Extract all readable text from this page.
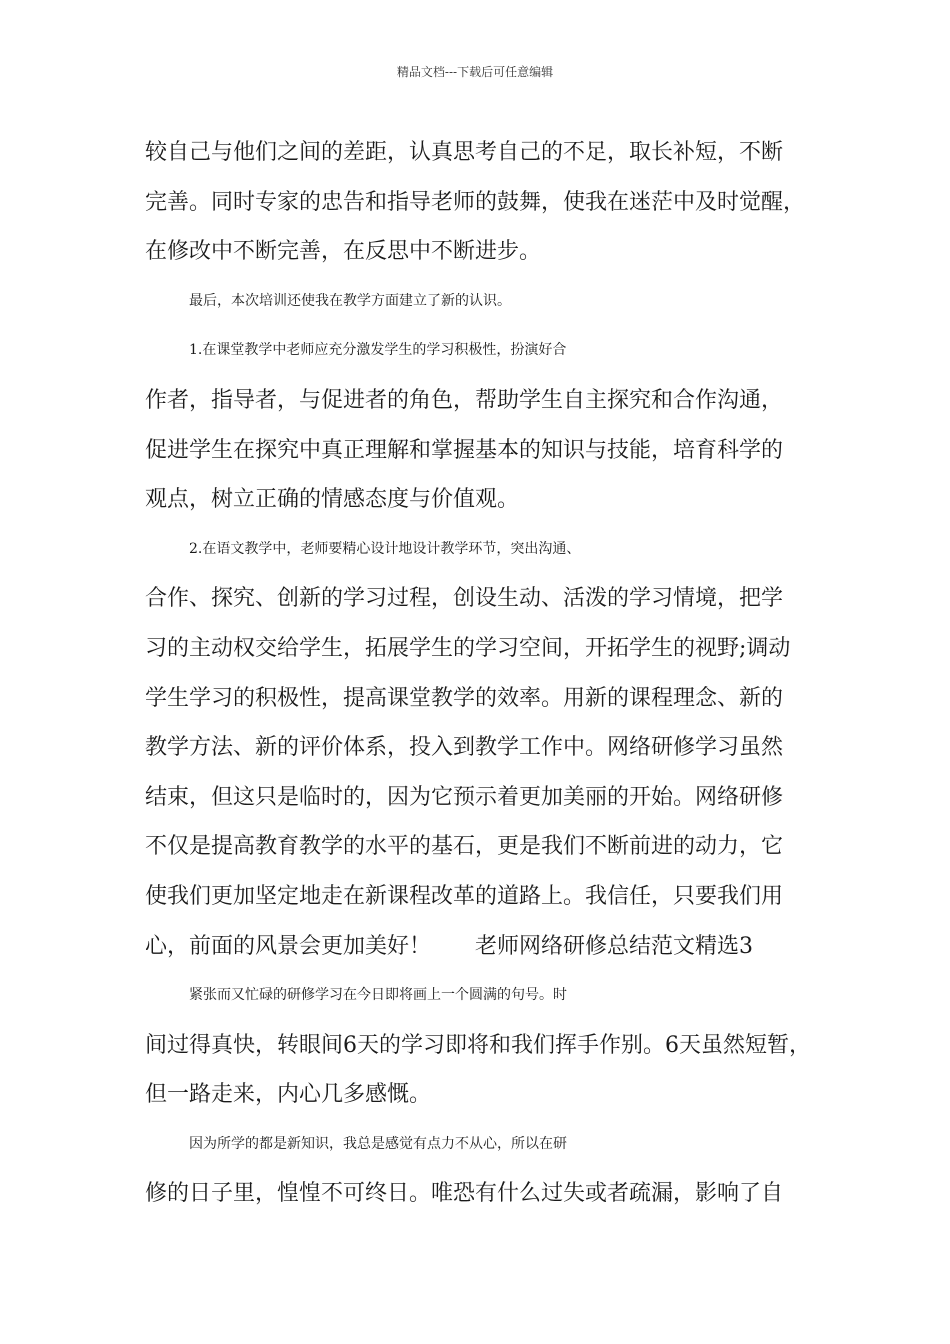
精品文档---下载后可任意编辑
较自己与他们之间的差距，认真思考自己的不足，取长补短，不断
完善。同时专家的忠告和指导老师的鼓舞，使我在迷茫中及时觉醒，
在修改中不断完善，在反思中不断进步。
最后，本次培训还使我在教学方面建立了新的认识。
1.在课堂教学中老师应充分激发学生的学习积极性，扮演好合
作者，指导者，与促进者的角色，帮助学生自主探究和合作沟通，
促进学生在探究中真正理解和掌握基本的知识与技能，培育科学的
观点，树立正确的情感态度与价值观。
2.在语文教学中，老师要精心设计地设计教学环节，突出沟通、
合作、探究、创新的学习过程，创设生动、活泼的学习情境，把学
习的主动权交给学生，拓展学生的学习空间，开拓学生的视野;调动
学生学习的积极性，提高课堂教学的效率。用新的课程理念、新的
教学方法、新的评价体系，投入到教学工作中。网络研修学习虽然
结束，但这只是临时的，因为它预示着更加美丽的开始。网络研修
不仅是提高教育教学的水平的基石，更是我们不断前进的动力，它
使我们更加坚定地走在新课程改革的道路上。我信任，只要我们用
心，前面的风景会更加美好！　　老师网络研修总结范文精选3
紧张而又忙碌的研修学习在今日即将画上一个圆满的句号。时
间过得真快，转眼间6天的学习即将和我们挥手作别。6天虽然短暂，
但一路走来，内心几多感慨。
因为所学的都是新知识，我总是感觉有点力不从心，所以在研
修的日子里，惶惶不可终日。唯恐有什么过失或者疏漏，影响了自
